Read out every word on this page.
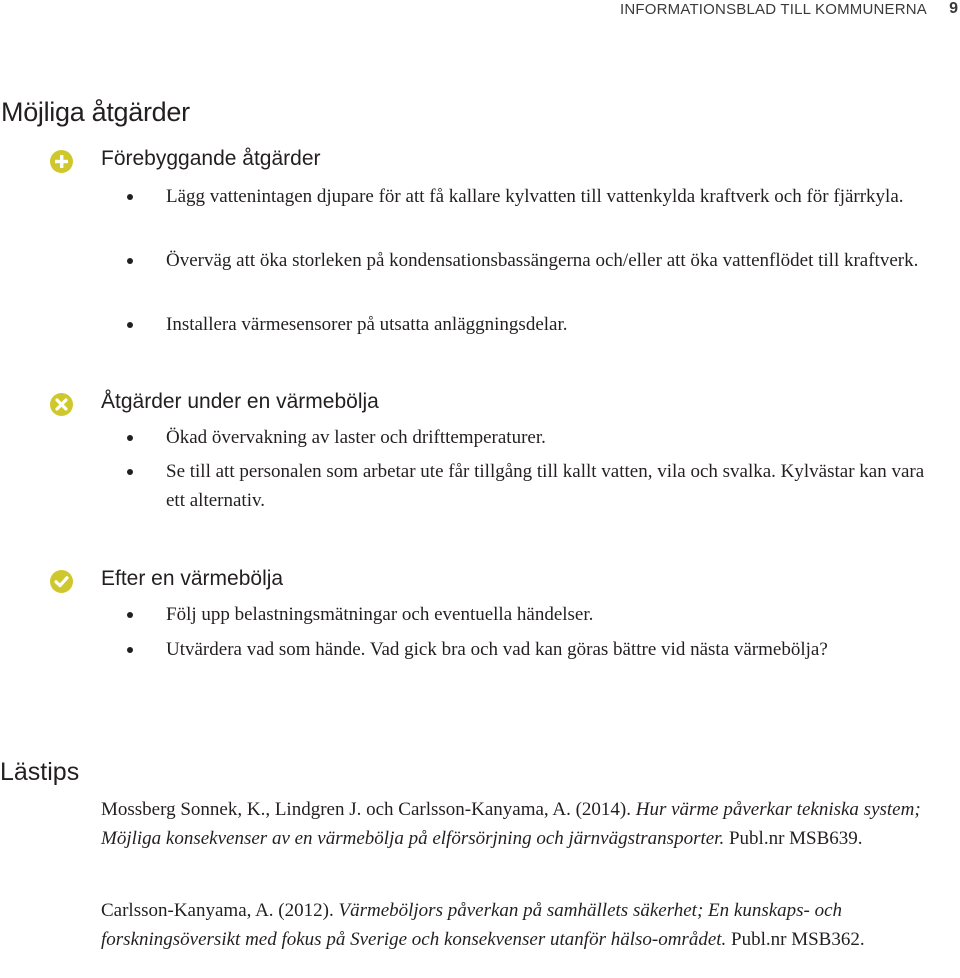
INFORMATIONSBLAD TILL KOMMUNERNA 9
Möjliga åtgärder
Förebyggande åtgärder
Lägg vattenintagen djupare för att få kallare kylvatten till vattenkylda kraftverk och för fjärrkyla.
Överväg att öka storleken på kondensationsbassängerna och/eller att öka vattenflödet till kraftverk.
Installera värmesensorer på utsatta anläggningsdelar.
Åtgärder under en värmebölja
Ökad övervakning av laster och drifttemperaturer.
Se till att personalen som arbetar ute får tillgång till kallt vatten, vila och svalka. Kylvästar kan vara ett alternativ.
Efter en värmebölja
Följ upp belastningsmätningar och eventuella händelser.
Utvärdera vad som hände. Vad gick bra och vad kan göras bättre vid nästa värmebölja?
Lästips

Mossberg Sonnek, K., Lindgren J. och Carlsson-Kanyama, A. (2014). Hur värme påverkar tekniska system; Möjliga konsekvenser av en värmebölja på elförsörjning och järnvägstransporter. Publ.nr MSB639.

Carlsson-Kanyama, A. (2012). Värmeböljors påverkan på samhällets säkerhet; En kunskaps- och forskningsöversikt med fokus på Sverige och konsekvenser utanför hälso-området. Publ.nr MSB362.
